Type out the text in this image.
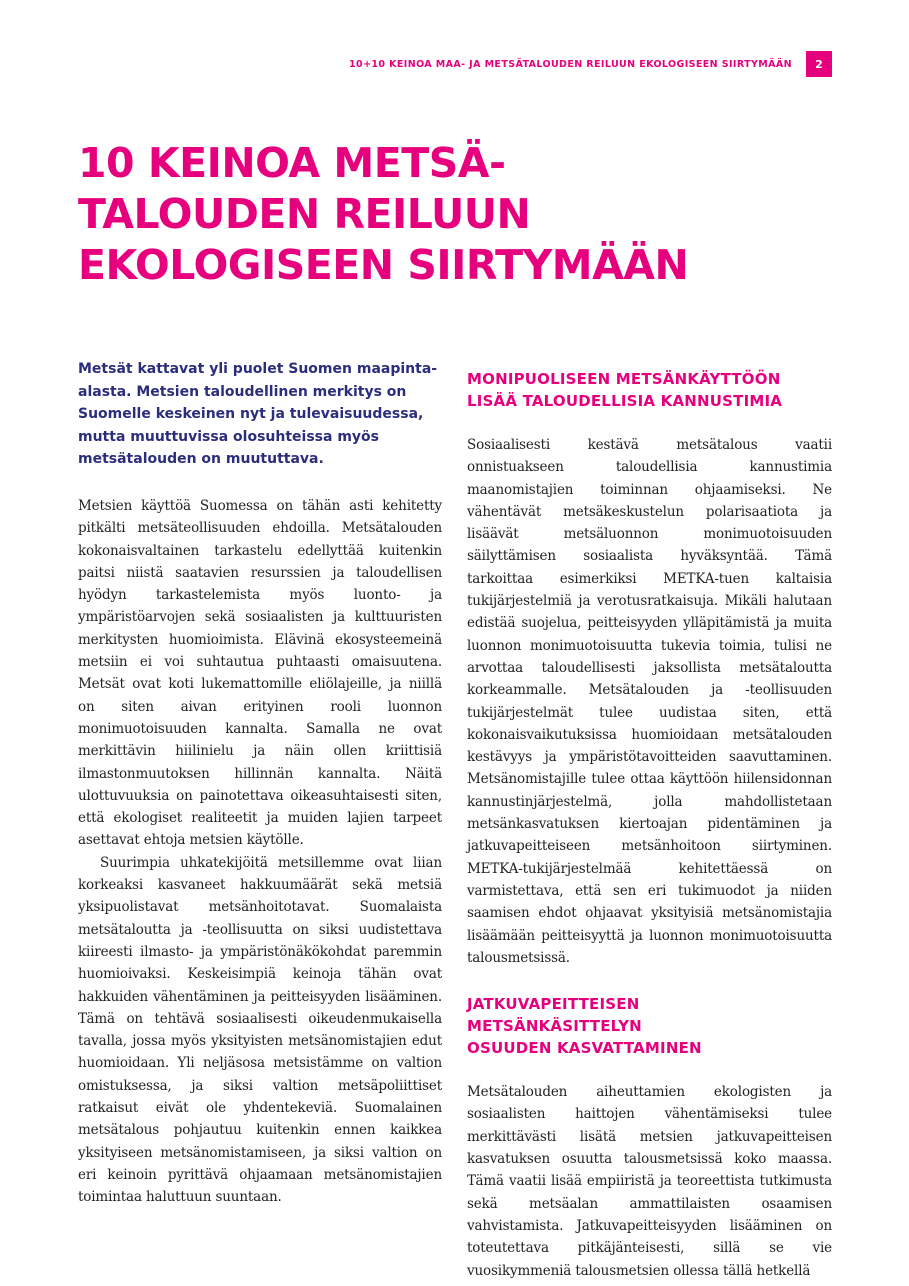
10+10 KEINOA MAA- JA METSÄTALOUDEN REILUUN EKOLOGISEEN SIIRTYMÄÄN	2
10 KEINOA METSÄ-
TALOUDEN REILUUN
EKOLOGISEEN SIIRTYMÄÄN

Metsät kattavat yli puolet Suomen maapinta-alasta. Metsien taloudellinen merkitys on Suomelle keskeinen nyt ja tulevaisuudessa, mutta muuttuvissa olosuhteissa myös metsätalouden on muututtava.

Metsien käyttöä Suomessa on tähän asti kehitetty pitkälti metsäteollisuuden ehdoilla. Metsätalouden kokonaisvaltainen tarkastelu edellyttää kuitenkin paitsi niistä saatavien resurssien ja taloudellisen hyödyn tarkastelemista myös luonto- ja ympäristöarvojen sekä sosiaalisten ja kulttuuristen merkitysten huomioimista. Elävinä ekosysteemeinä metsiin ei voi suhtautua puhtaasti omaisuutena. Metsät ovat koti lukemattomille eliölajeille, ja niillä on siten aivan erityinen rooli luonnon monimuotoisuuden kannalta. Samalla ne ovat merkittävin hiilinielu ja näin ollen kriittisiä ilmastonmuutoksen hillinnän kannalta. Näitä ulottuvuuksia on painotettava oikeasuhtaisesti siten, että ekologiset realiteetit ja muiden lajien tarpeet asettavat ehtoja metsien käytölle.

Suurimpia uhkatekijöitä metsillemme ovat liian korkeaksi kasvaneet hakkuumäärät sekä metsiä yksipuolistavat metsänhoitotavat. Suomalaista metsätaloutta ja -teollisuutta on siksi uudistettava kiireesti ilmasto- ja ympäristönäkökohdat paremmin huomioivaksi. Keskeisimpiä keinoja tähän ovat hakkuiden vähentäminen ja peitteisyyden lisääminen. Tämä on tehtävä sosiaalisesti oikeudenmukaisella tavalla, jossa myös yksityisten metsänomistajien edut huomioidaan. Yli neljäsosa metsistämme on valtion omistuksessa, ja siksi valtion metsäpoliittiset ratkaisut eivät ole yhdentekeviä. Suomalainen metsätalous pohjautuu kuitenkin ennen kaikkea yksityiseen metsänomistamiseen, ja siksi valtion on eri keinoin pyrittävä ohjaamaan metsänomistajien toimintaa haluttuun suuntaan.

MONIPUOLISEEN METSÄNKÄYTTÖÖN
LISÄÄ TALOUDELLISIA KANNUSTIMIA

Sosiaalisesti kestävä metsätalous vaatii onnistuakseen taloudellisia kannustimia maanomistajien toiminnan ohjaamiseksi. Ne vähentävät metsäkeskustelun polarisaatiota ja lisäävät metsäluonnon monimuotoisuuden säilyttämisen sosiaalista hyväksyntää. Tämä tarkoittaa esimerkiksi METKA-tuen kaltaisia tukijärjestelmiä ja verotusratkaisuja. Mikäli halutaan edistää suojelua, peitteisyyden ylläpitämistä ja muita luonnon monimuotoisuutta tukevia toimia, tulisi ne arvottaa taloudellisesti jaksollista metsätaloutta korkeammalle. Metsätalouden ja -teollisuuden tukijärjestelmät tulee uudistaa siten, että kokonaisvaikutuksissa huomioidaan metsätalouden kestävyys ja ympäristötavoitteiden saavuttaminen. Metsänomistajille tulee ottaa käyttöön hiilensidonnan kannustinjärjestelmä, jolla mahdollistetaan metsänkasvatuksen kiertoajan pidentäminen ja jatkuvapeitteiseen metsänhoitoon siirtyminen. METKA-tukijärjestelmää kehitettäessä on varmistettava, että sen eri tukimuodot ja niiden saamisen ehdot ohjaavat yksityisiä metsänomistajia lisäämään peitteisyyttä ja luonnon monimuotoisuutta talousmetsissä.

JATKUVAPEITTEISEN
METSÄNKÄSITTELYN
OSUUDEN KASVATTAMINEN

Metsätalouden aiheuttamien ekologisten ja sosiaalisten haittojen vähentämiseksi tulee merkittävästi lisätä metsien jatkuvapeitteisen kasvatuksen osuutta talousmetsissä koko maassa. Tämä vaatii lisää empiiristä ja teoreettista tutkimusta sekä metsäalan ammattilaisten osaamisen vahvistamista. Jatkuvapeitteisyyden lisääminen on toteutettava pitkäjänteisesti, sillä se vie vuosikymmeniä talousmetsien ollessa tällä hetkellä
